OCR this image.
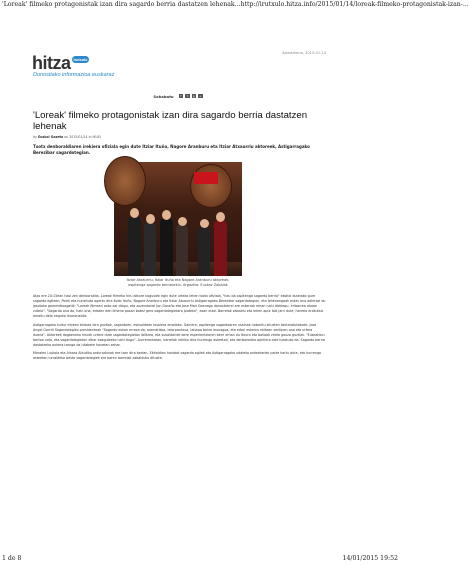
'Loreak' filmeko protagonistak izan dira sagardo berria dastatzen lehenak... http://irutxulo.hitza.info/2015/01/14/loreak-filmeko-protagonistak-izan-...
hitza Irutxulo
Donostiako informazioa euskaraz
Asteazkena, 2015-01-14
Sakabatu	f	t	g	+
'Loreak' filmeko protagonistak izan dira sagardo berria dastatzen lehenak
by Euskal Gazeta on 2015/01/14 in IKUSI
Txotx denboraldiaren irekiera ofiziala egin dute Itziar Ituño, Nagore Aranburu eta Itziar Atxaurriu aktoreek, Astigarragako Berezibar sagardotegian.
Itziar Atxaurriu, Itziar Ituño eta Nagore Aranburu aktoreak, ospitenga sagardo berriarekin. Argazkia: Euskaz Zabalak

Atzo ere 20:15ean hasi zen denboraldia. Loreak filmeko hiru aktore nagusiek egin dute urteko lehen txotx ofiziala, "hau da ospitenga sagardo berria" ekoitzi dutelako gure sagardo egileen. Pozik eta hunkituta agertu dira Itziar Ituño, Nagore Aranburu eta Itziar Atxaurriu Astigarragako Berezibar sagardotegian, eta lehenengoak esker ona adierazi du jasotako gomendioagatik: "Loreak filmeari asko zor diogu, eta zuzendariei Jon Garaño eta Jose Mari Goenaga donostiarrei ere eskerrak eman nahi dizkiegu, irribarrea ahoan zutela". "Sagardo ona da, hain ona, edaten den lehena pasan batez gero sagardotegietara joateko", esan dute. Barrelak zabaldu eta lehen apur bat jarri dute, horrela erakutsiz amaitu dela neguko itxaronaldia.

Astigarragako kultur etxean bilduta dira guztiak, sagardoen, eskualdean lasaiera emateko. Gainera, ospitenga sagardoaren usainak nabaritu zituzten bertaratutakoek. Jose Angel Gorriti Sagardotegiko presidenteak "Sagardo eskan erraza da, aromatikoa, leiorpantxua, laiskaa baina leunagoa, eta edari eskeinu ekitean sentipen ona eta urtero duena". Aktoreek dagoeneko hiruek urtero dute sagardotegietan ibiltzea, eta sukaldariek bere esperientziaren berri eman du Itxura eta balioak zirela gauza guztiak. "Euskaldun bertoa nola, eta sagardotegietan elkar ezagutzeko nahi dugu". Aurrerantzean, barrelak irekiko dira hurrengo asteetan, eta denboraldia apirilera arte luzatuko da. Sagardo berria dastatzeko aukera izango da hilabete hauetan zehar.

Moralen Lupiola eta Ainara Atxutiko arduradunak ere izan dira bertan. Ekitaldian hainbat sagardo egilek eta Astigarragako udaleko ordezkariek parte hartu dute, eta hurrengo asteetan lurraldeko beste sagardotegiek ere beren barrelak zabalduko dituzte.

1 de 8	14/01/2015 19:52
